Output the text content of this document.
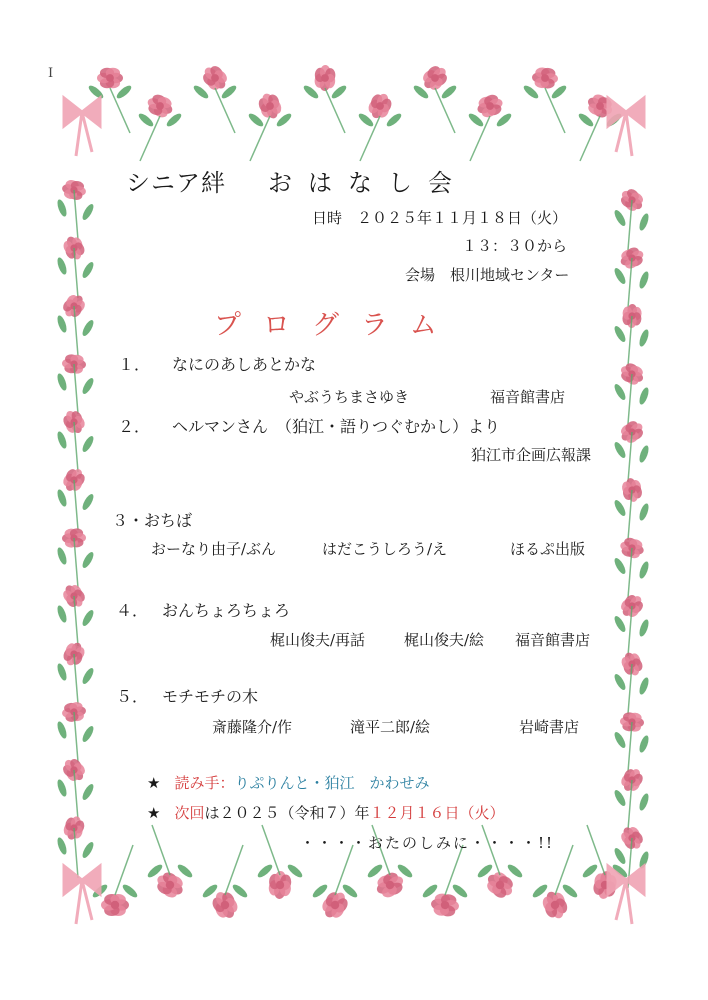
I
シニア絆 おはなし会
日時　２０２５年１１月１８日（火）
１３：３０から
会場　根川地域センター
プログラム
１． なにのあしあとかな
やぶうちまさゆき	福音館書店
２． ヘルマンさん　（狛江・語りつぐむかし）より
狛江市企画広報課
３・おちば
おーなり由子/ぶん	はだこうしろう/え	ほるぷ出版
４． おんちょろちょろ
梶山俊夫/再話	梶山俊夫/絵 福音館書店
５． モチモチの木
斎藤隆介/作	滝平二郎/絵	岩崎書店
★ 読み手：りぷりんと・狛江　かわせみ
★ 次回は２０２５（令和７）年１２月１６日（火）
・・・・おたのしみに・・・・!!
